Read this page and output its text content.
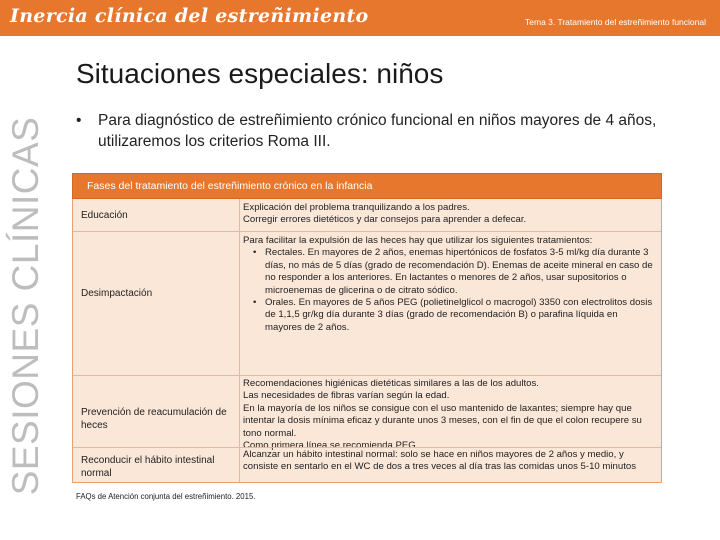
Inercia clínica del estreñimiento	Tema 3. Tratamiento del estreñimiento funcional
SESIONES CLÍNICAS
Situaciones especiales: niños
• Para diagnóstico de estreñimiento crónico funcional en niños mayores de 4 años, utilizaremos los criterios Roma III.
Fases del tratamiento del estreñimiento crónico en la infancia
Educación
Explicación del problema tranquilizando a los padres.
Corregir errores dietéticos y dar consejos para aprender a defecar.
Desimpactación
Para facilitar la expulsión de las heces hay que utilizar los siguientes tratamientos:
• Rectales. En mayores de 2 años, enemas hipertónicos de fosfatos 3-5 ml/kg día durante 3 días, no más de 5 días (grado de recomendación D). Enemas de aceite mineral en caso de no responder a los anteriores. En lactantes o menores de 2 años, usar supositorios o microenemas de glicerina o de citrato sódico.
• Orales. En mayores de 5 años PEG (polietinelglicol o macrogol) 3350 con electrolitos dosis de 1,1,5 gr/kg día durante 3 días (grado de recomendación B) o parafina líquida en mayores de 2 años.
Prevención de reacumulación de heces
Recomendaciones higiénicas dietéticas similares a las de los adultos.
Las necesidades de fibras varían según la edad.
En la mayoría de los niños se consigue con el uso mantenido de laxantes; siempre hay que intentar la dosis mínima eficaz y durante unos 3 meses, con el fin de que el colon recupere su tono normal.
Como primera línea se recomienda PEG.
Reconducir el hábito intestinal normal
Alcanzar un hábito intestinal normal: solo se hace en niños mayores de 2 años y medio, y consiste en sentarlo en el WC de dos a tres veces al día tras las comidas unos 5-10 minutos
FAQs de Atención conjunta del estreñimiento. 2015.
